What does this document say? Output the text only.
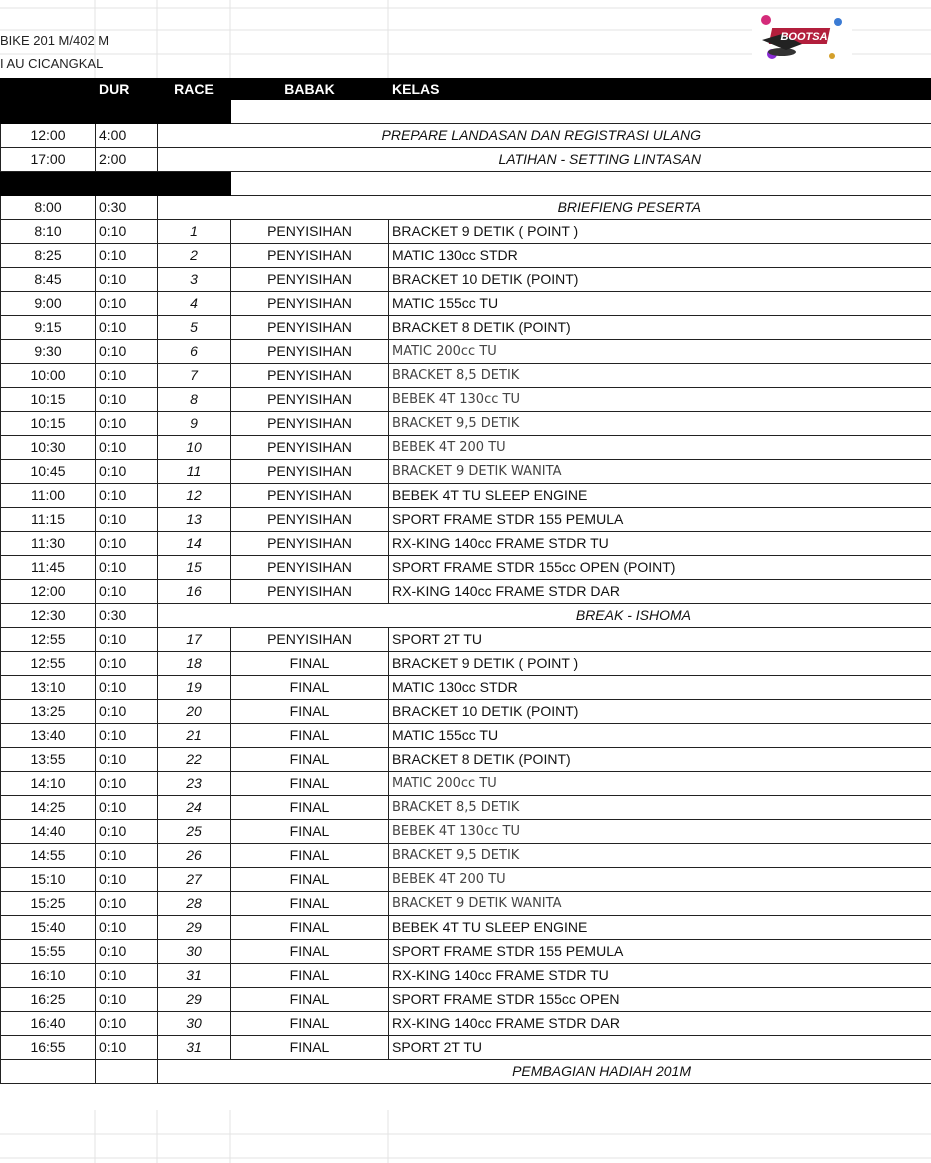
BIKE 201 M/402 M
I AU CICANGKAL
BOOTSA
	DUR	RACE	BABAK	KELAS

12:00	4:00	PREPARE LANDASAN DAN REGISTRASI ULANG		
17:00	2:00	LATIHAN - SETTING LINTASAN		

8:00	0:30	BRIEFIENG PESERTA		
8:10	0:10	1	PENYISIHAN	BRACKET 9 DETIK ( POINT )
8:25	0:10	2	PENYISIHAN	MATIC 130cc STDR
8:45	0:10	3	PENYISIHAN	BRACKET 10 DETIK (POINT)
9:00	0:10	4	PENYISIHAN	MATIC 155cc TU
9:15	0:10	5	PENYISIHAN	BRACKET 8 DETIK (POINT)
9:30	0:10	6	PENYISIHAN	MATIC 200cc TU
10:00	0:10	7	PENYISIHAN	BRACKET 8,5 DETIK
10:15	0:10	8	PENYISIHAN	BEBEK 4T 130cc TU
10:15	0:10	9	PENYISIHAN	BRACKET 9,5 DETIK
10:30	0:10	10	PENYISIHAN	BEBEK 4T 200 TU
10:45	0:10	11	PENYISIHAN	BRACKET 9 DETIK WANITA
11:00	0:10	12	PENYISIHAN	BEBEK 4T TU SLEEP ENGINE
11:15	0:10	13	PENYISIHAN	SPORT FRAME STDR 155 PEMULA
11:30	0:10	14	PENYISIHAN	RX-KING 140cc FRAME STDR TU
11:45	0:10	15	PENYISIHAN	SPORT FRAME STDR 155cc OPEN (POINT)
12:00	0:10	16	PENYISIHAN	RX-KING 140cc FRAME STDR DAR
12:30	0:30	BREAK - ISHOMA		
12:55	0:10	17	PENYISIHAN	SPORT 2T TU
12:55	0:10	18	FINAL	BRACKET 9 DETIK ( POINT )
13:10	0:10	19	FINAL	MATIC 130cc STDR
13:25	0:10	20	FINAL	BRACKET 10 DETIK (POINT)
13:40	0:10	21	FINAL	MATIC 155cc TU
13:55	0:10	22	FINAL	BRACKET 8 DETIK (POINT)
14:10	0:10	23	FINAL	MATIC 200cc TU
14:25	0:10	24	FINAL	BRACKET 8,5 DETIK
14:40	0:10	25	FINAL	BEBEK 4T 130cc TU
14:55	0:10	26	FINAL	BRACKET 9,5 DETIK
15:10	0:10	27	FINAL	BEBEK 4T 200 TU
15:25	0:10	28	FINAL	BRACKET 9 DETIK WANITA
15:40	0:10	29	FINAL	BEBEK 4T TU SLEEP ENGINE
15:55	0:10	30	FINAL	SPORT FRAME STDR 155 PEMULA
16:10	0:10	31	FINAL	RX-KING 140cc FRAME STDR TU
16:25	0:10	29	FINAL	SPORT FRAME STDR 155cc OPEN
16:40	0:10	30	FINAL	RX-KING 140cc FRAME STDR DAR
16:55	0:10	31	FINAL	SPORT 2T TU
		PEMBAGIAN HADIAH 201M		
